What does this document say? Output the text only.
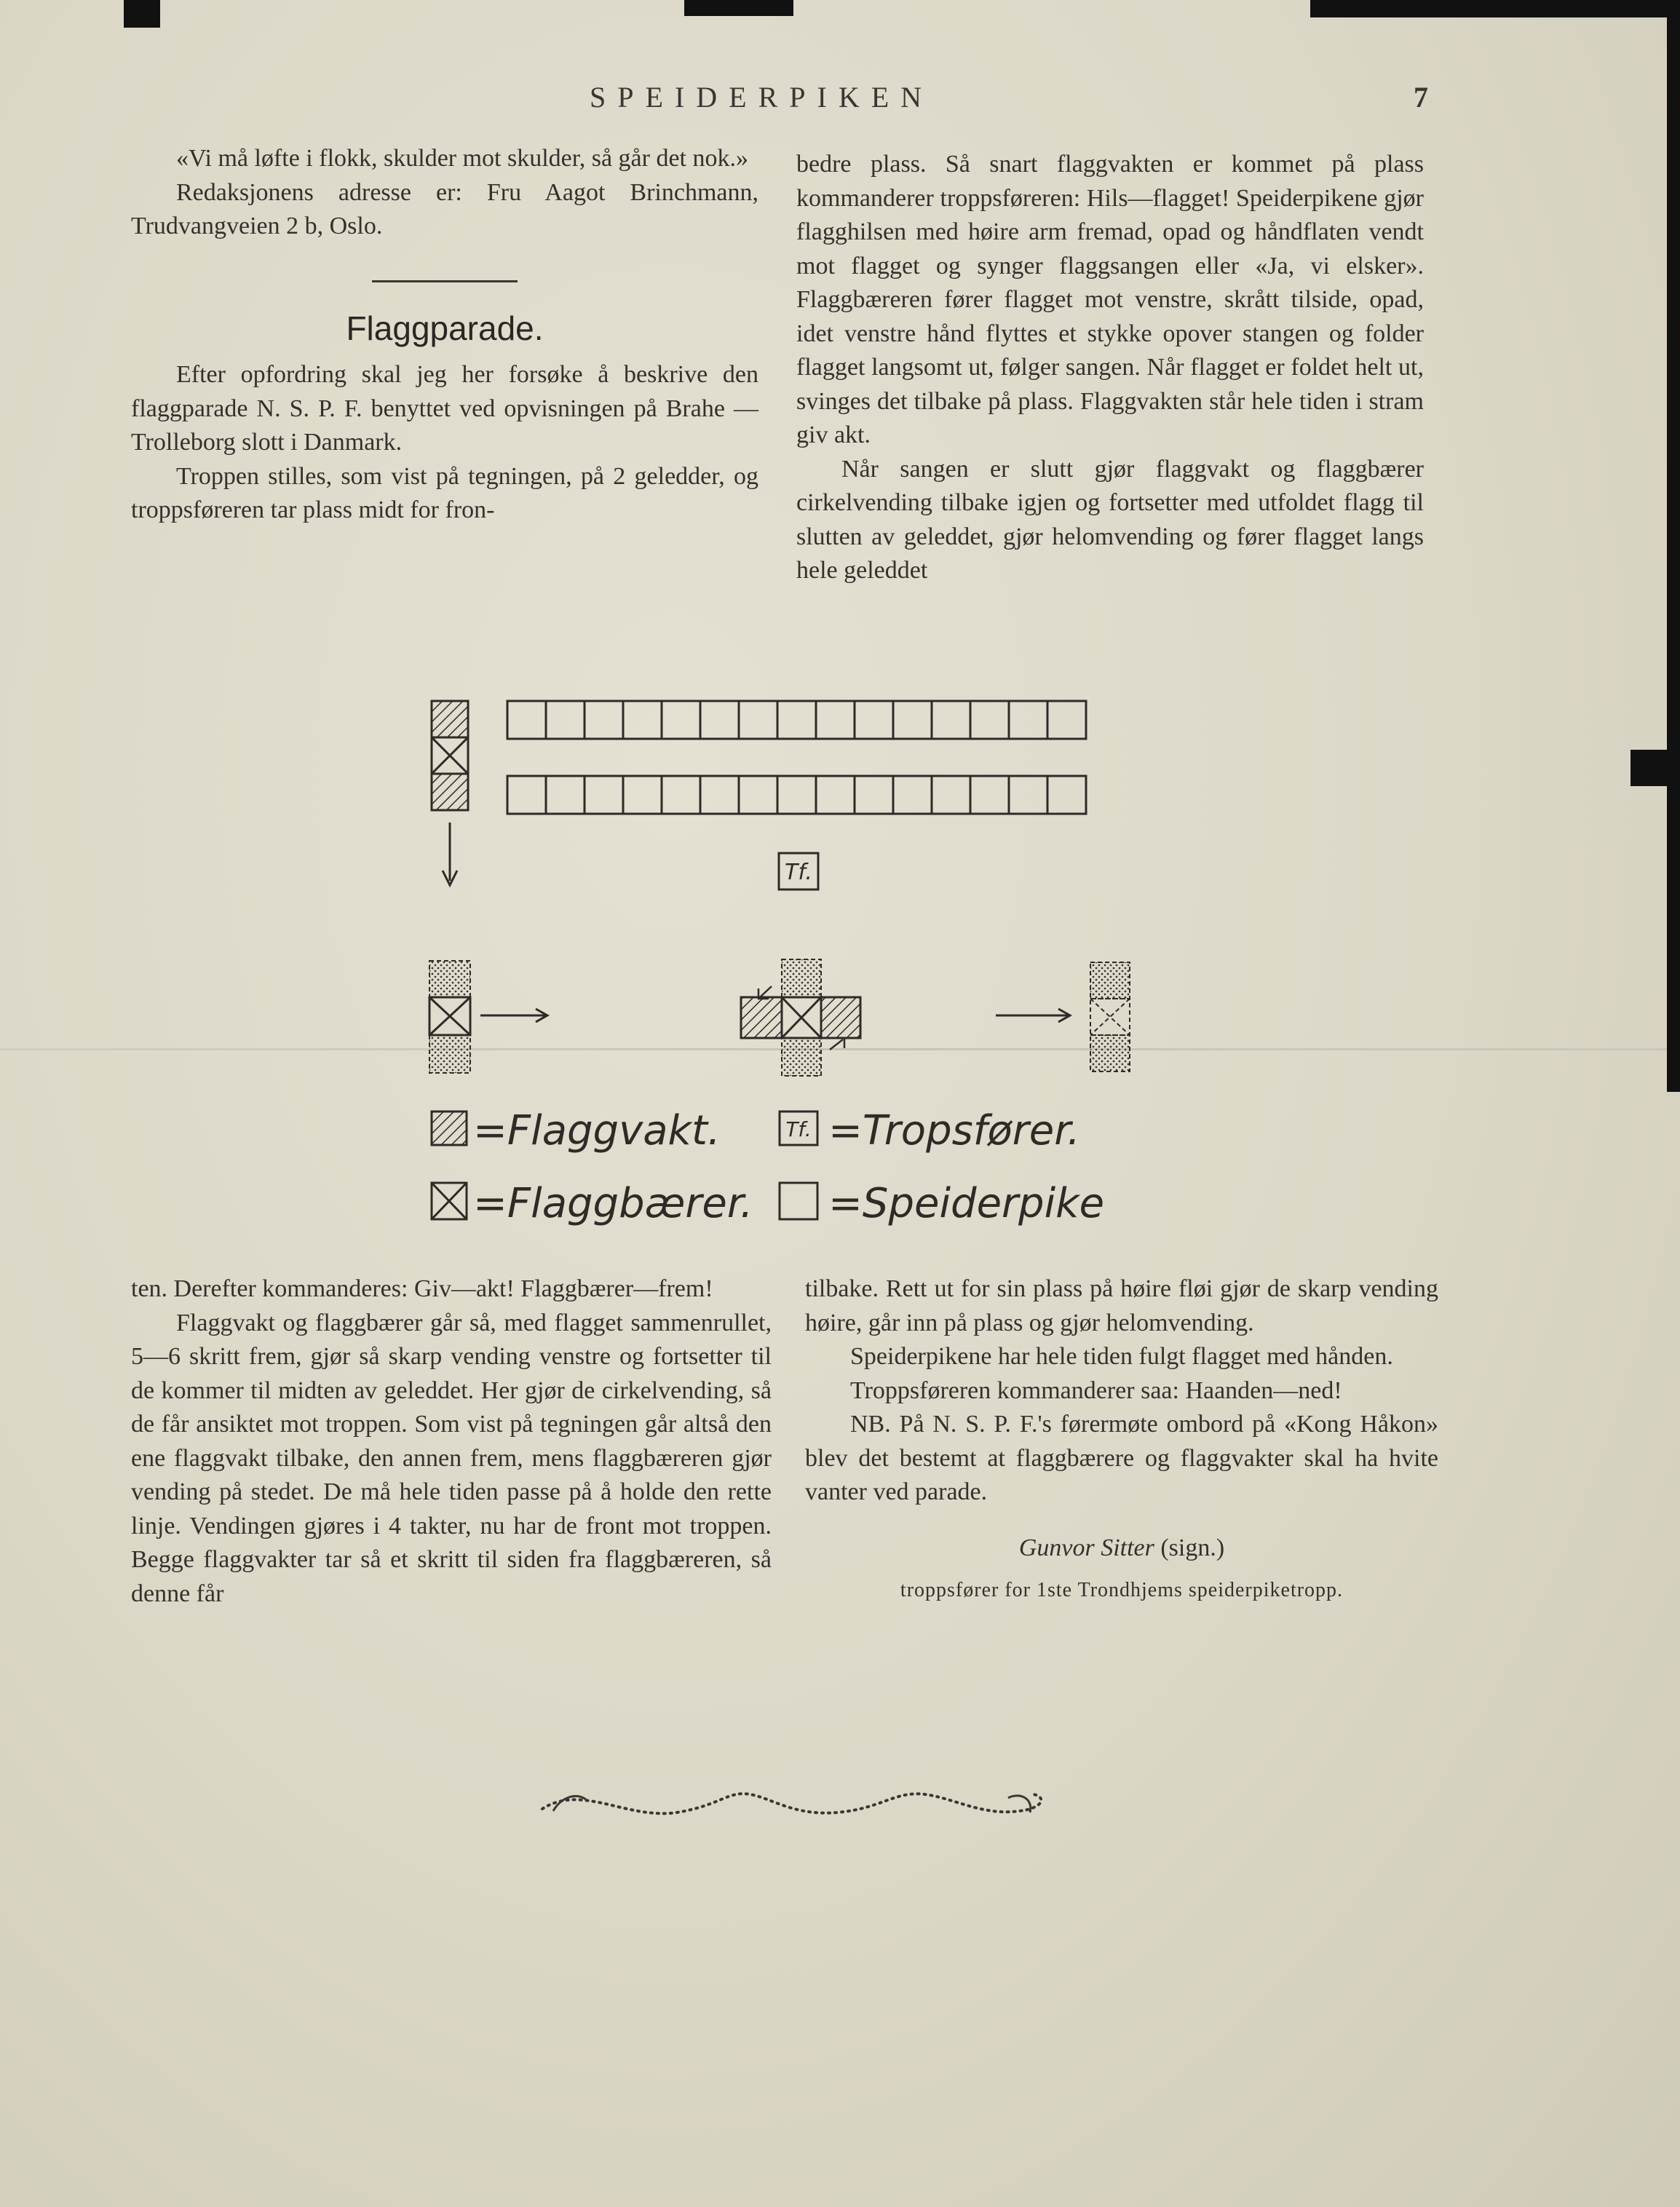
SPEIDERPIKEN	7

«Vi må løfte i flokk, skulder mot skulder, så går det nok.»

Redaksjonens adresse er: Fru Aagot Brinchmann, Trudvangveien 2 b, Oslo.

Flaggparade.

Efter opfordring skal jeg her forsøke å beskrive den flaggparade N. S. P. F. benyttet ved opvisningen på Brahe — Trolleborg slott i Danmark.

Troppen stilles, som vist på tegningen, på 2 geledder, og troppsføreren tar plass midt for fron-

bedre plass. Så snart flaggvakten er kommet på plass kommanderer troppsføreren: Hils—flagget! Speiderpikene gjør flagghilsen med høire arm fremad, opad og håndflaten vendt mot flagget og synger flaggsangen eller «Ja, vi elsker». Flaggbæreren fører flagget mot venstre, skrått tilside, opad, idet venstre hånd flyttes et stykke opover stangen og folder flagget langsomt ut, følger sangen. Når flagget er foldet helt ut, svinges det tilbake på plass. Flaggvakten står hele tiden i stram giv akt.

Når sangen er slutt gjør flaggvakt og flaggbærer cirkelvending tilbake igjen og fortsetter med utfoldet flagg til slutten av geleddet, gjør helomvending og fører flagget langs hele geleddet

Tf.
=Flaggvakt.	Tf. =Tropsfører.
=Flaggbærer. =Speiderpike

ten. Derefter kommanderes: Giv—akt! Flaggbærer—frem!

Flaggvakt og flaggbærer går så, med flagget sammenrullet, 5—6 skritt frem, gjør så skarp vending venstre og fortsetter til de kommer til midten av geleddet. Her gjør de cirkelvending, så de får ansiktet mot troppen. Som vist på tegningen går altså den ene flaggvakt tilbake, den annen frem, mens flaggbæreren gjør vending på stedet. De må hele tiden passe på å holde den rette linje. Vendingen gjøres i 4 takter, nu har de front mot troppen. Begge flaggvakter tar så et skritt til siden fra flaggbæreren, så denne får

tilbake. Rett ut for sin plass på høire fløi gjør de skarp vending høire, går inn på plass og gjør helomvending.

Speiderpikene har hele tiden fulgt flagget med hånden.

Troppsføreren kommanderer saa: Haanden—ned!

NB. På N. S. P. F.'s førermøte ombord på «Kong Håkon» blev det bestemt at flaggbærere og flaggvakter skal ha hvite vanter ved parade.

Gunvor Sitter (sign.)
troppsfører for 1ste Trondhjems speiderpiketropp.
